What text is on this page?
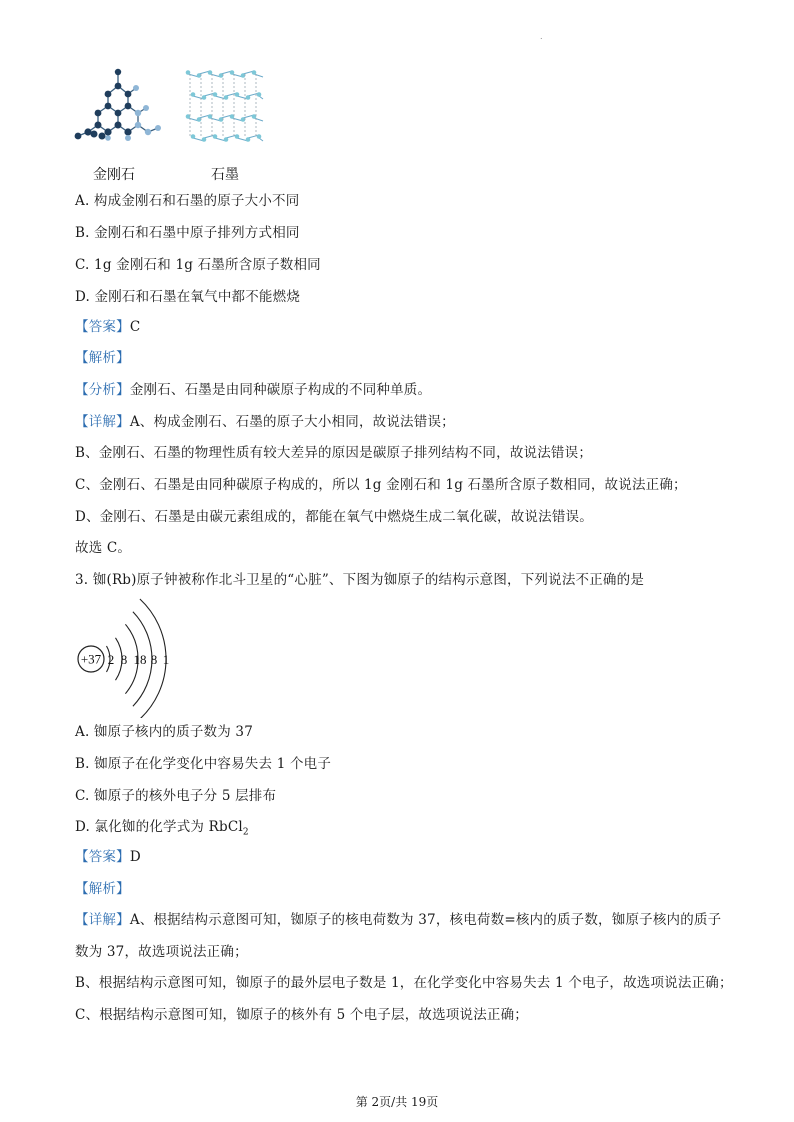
.
金刚石	石墨
A. 构成金刚石和石墨的原子大小不同
B. 金刚石和石墨中原子排列方式相同
C. 1g 金刚石和 1g 石墨所含原子数相同
D. 金刚石和石墨在氧气中都不能燃烧
【答案】C
【解析】
【分析】金刚石、石墨是由同种碳原子构成的不同种单质。
【详解】A、构成金刚石、石墨的原子大小相同，故说法错误；
B、金刚石、石墨的物理性质有较大差异的原因是碳原子排列结构不同，故说法错误；
C、金刚石、石墨是由同种碳原子构成的，所以 1g 金刚石和 1g 石墨所含原子数相同，故说法正确；
D、金刚石、石墨是由碳元素组成的，都能在氧气中燃烧生成二氧化碳，故说法错误。
故选 C。
3. 铷(Rb)原子钟被称作北斗卫星的“心脏”、下图为铷原子的结构示意图，下列说法不正确的是
+37 2 8 18 8 1
A. 铷原子核内的质子数为 37
B. 铷原子在化学变化中容易失去 1 个电子
C. 铷原子的核外电子分 5 层排布
D. 氯化铷的化学式为 RbCl$_2$
【答案】D
【解析】
【详解】A、根据结构示意图可知，铷原子的核电荷数为 37，核电荷数=核内的质子数，铷原子核内的质子
数为 37，故选项说法正确；
B、根据结构示意图可知，铷原子的最外层电子数是 1，在化学变化中容易失去 1 个电子，故选项说法正确；
C、根据结构示意图可知，铷原子的核外有 5 个电子层，故选项说法正确；
第 2页/共 19页
